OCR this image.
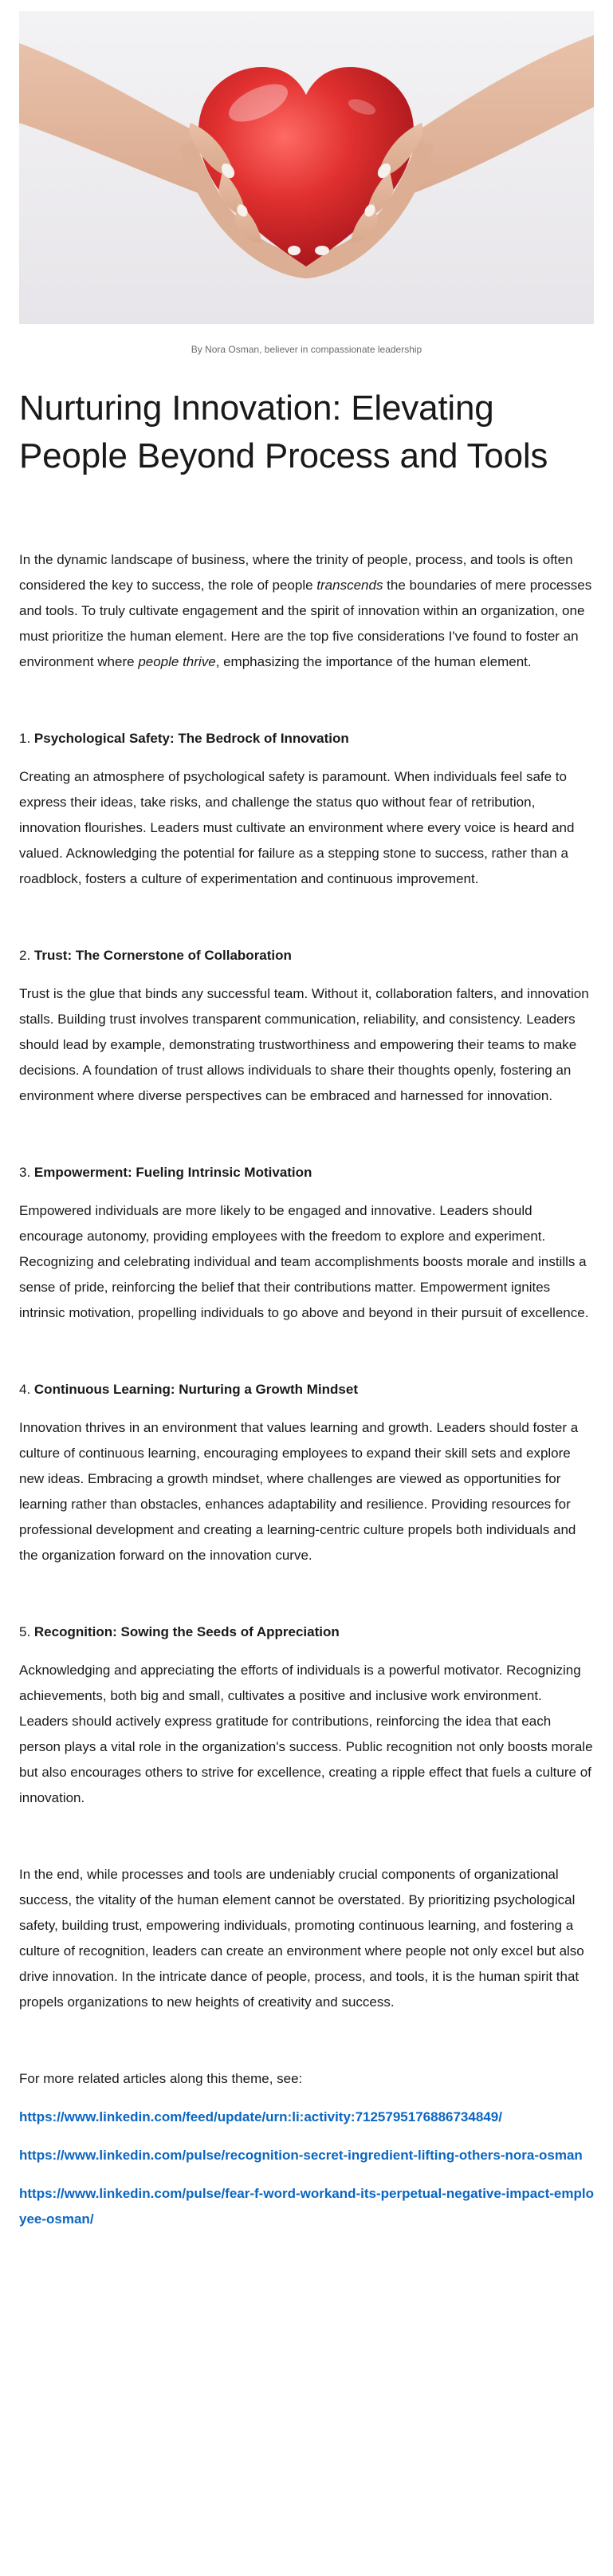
By Nora Osman, believer in compassionate leadership
Nurturing Innovation: Elevating People Beyond Process and Tools

In the dynamic landscape of business, where the trinity of people, process, and tools is often considered the key to success, the role of people transcends the boundaries of mere processes and tools. To truly cultivate engagement and the spirit of innovation within an organization, one must prioritize the human element. Here are the top five considerations I've found to foster an environment where people thrive, emphasizing the importance of the human element.

1. Psychological Safety: The Bedrock of Innovation

Creating an atmosphere of psychological safety is paramount. When individuals feel safe to express their ideas, take risks, and challenge the status quo without fear of retribution, innovation flourishes. Leaders must cultivate an environment where every voice is heard and valued. Acknowledging the potential for failure as a stepping stone to success, rather than a roadblock, fosters a culture of experimentation and continuous improvement.

2. Trust: The Cornerstone of Collaboration

Trust is the glue that binds any successful team. Without it, collaboration falters, and innovation stalls. Building trust involves transparent communication, reliability, and consistency. Leaders should lead by example, demonstrating trustworthiness and empowering their teams to make decisions. A foundation of trust allows individuals to share their thoughts openly, fostering an environment where diverse perspectives can be embraced and harnessed for innovation.

3. Empowerment: Fueling Intrinsic Motivation

Empowered individuals are more likely to be engaged and innovative. Leaders should encourage autonomy, providing employees with the freedom to explore and experiment. Recognizing and celebrating individual and team accomplishments boosts morale and instills a sense of pride, reinforcing the belief that their contributions matter. Empowerment ignites intrinsic motivation, propelling individuals to go above and beyond in their pursuit of excellence.

4. Continuous Learning: Nurturing a Growth Mindset

Innovation thrives in an environment that values learning and growth. Leaders should foster a culture of continuous learning, encouraging employees to expand their skill sets and explore new ideas. Embracing a growth mindset, where challenges are viewed as opportunities for learning rather than obstacles, enhances adaptability and resilience. Providing resources for professional development and creating a learning-centric culture propels both individuals and the organization forward on the innovation curve.

5. Recognition: Sowing the Seeds of Appreciation

Acknowledging and appreciating the efforts of individuals is a powerful motivator. Recognizing achievements, both big and small, cultivates a positive and inclusive work environment. Leaders should actively express gratitude for contributions, reinforcing the idea that each person plays a vital role in the organization's success. Public recognition not only boosts morale but also encourages others to strive for excellence, creating a ripple effect that fuels a culture of innovation.

In the end, while processes and tools are undeniably crucial components of organizational success, the vitality of the human element cannot be overstated. By prioritizing psychological safety, building trust, empowering individuals, promoting continuous learning, and fostering a culture of recognition, leaders can create an environment where people not only excel but also drive innovation. In the intricate dance of people, process, and tools, it is the human spirit that propels organizations to new heights of creativity and success.

For more related articles along this theme, see:

https://www.linkedin.com/feed/update/urn:li:activity:7125795176886734849/

https://www.linkedin.com/pulse/recognition-secret-ingredient-lifting-others-nora-osman

https://www.linkedin.com/pulse/fear-f-word-workand-its-perpetual-negative-impact-employee-osman/
